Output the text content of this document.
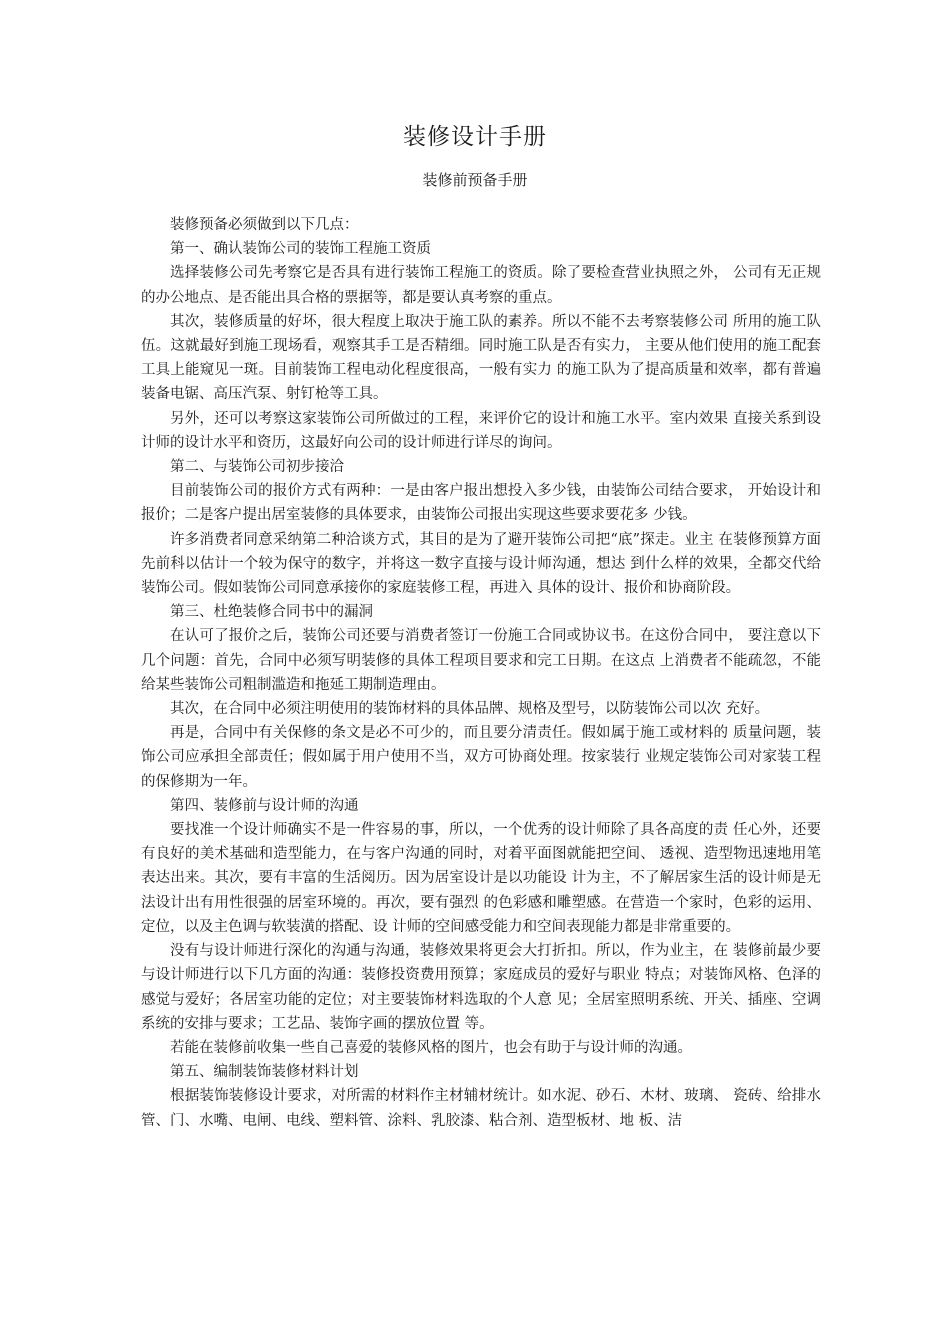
装修设计手册
装修前预备手册

装修预备必须做到以下几点：

第一、确认装饰公司的装饰工程施工资质

选择装修公司先考察它是否具有进行装饰工程施工的资质。除了要检查营业执照之外， 公司有无正规的办公地点、是否能出具合格的票据等，都是要认真考察的重点。

其次，装修质量的好坏，很大程度上取决于施工队的素养。所以不能不去考察装修公司 所用的施工队伍。这就最好到施工现场看，观察其手工是否精细。同时施工队是否有实力， 主要从他们使用的施工配套工具上能窥见一斑。目前装饰工程电动化程度很高，一般有实力 的施工队为了提高质量和效率，都有普遍装备电锯、高压汽泵、射钉枪等工具。

另外，还可以考察这家装饰公司所做过的工程，来评价它的设计和施工水平。室内效果 直接关系到设计师的设计水平和资历，这最好向公司的设计师进行详尽的询问。

第二、与装饰公司初步接洽

目前装饰公司的报价方式有两种：一是由客户报出想投入多少钱，由装饰公司结合要求， 开始设计和报价；二是客户提出居室装修的具体要求，由装饰公司报出实现这些要求要花多 少钱。

许多消费者同意采纳第二种洽谈方式，其目的是为了避开装饰公司把“底”探走。业主 在装修预算方面先前科以估计一个较为保守的数字，并将这一数字直接与设计师沟通，想达 到什么样的效果，全都交代给装饰公司。假如装饰公司同意承接你的家庭装修工程，再进入 具体的设计、报价和协商阶段。

第三、杜绝装修合同书中的漏洞

在认可了报价之后，装饰公司还要与消费者签订一份施工合同或协议书。在这份合同中， 要注意以下几个问题：首先，合同中必须写明装修的具体工程项目要求和完工日期。在这点 上消费者不能疏忽，不能给某些装饰公司粗制滥造和拖延工期制造理由。

其次，在合同中必须注明使用的装饰材料的具体品牌、规格及型号，以防装饰公司以次 充好。

再是，合同中有关保修的条文是必不可少的，而且要分清责任。假如属于施工或材料的 质量问题，装饰公司应承担全部责任；假如属于用户使用不当，双方可协商处理。按家装行 业规定装饰公司对家装工程的保修期为一年。

第四、装修前与设计师的沟通

要找准一个设计师确实不是一件容易的事，所以，一个优秀的设计师除了具各高度的责 任心外，还要有良好的美术基础和造型能力，在与客户沟通的同时，对着平面图就能把空间、 透视、造型物迅速地用笔表达出来。其次，要有丰富的生活阅历。因为居室设计是以功能设 计为主，不了解居家生活的设计师是无法设计出有用性很强的居室环境的。再次，要有强烈 的色彩感和雕塑感。在营造一个家时，色彩的运用、定位，以及主色调与软装潢的搭配、设 计师的空间感受能力和空间表现能力都是非常重要的。

没有与设计师进行深化的沟通与沟通，装修效果将更会大打折扣。所以，作为业主，在 装修前最少要与设计师进行以下几方面的沟通：装修投资费用预算；家庭成员的爱好与职业 特点；对装饰风格、色泽的感觉与爱好；各居室功能的定位；对主要装饰材料选取的个人意 见；全居室照明系统、开关、插座、空调系统的安排与要求；工艺品、装饰字画的摆放位置 等。

若能在装修前收集一些自己喜爱的装修风格的图片，也会有助于与设计师的沟通。

第五、编制装饰装修材料计划

根据装饰装修设计要求，对所需的材料作主材辅材统计。如水泥、砂石、木材、玻璃、 瓷砖、给排水管、门、水嘴、电闸、电线、塑料管、涂料、乳胶漆、粘合剂、造型板材、地 板、洁
